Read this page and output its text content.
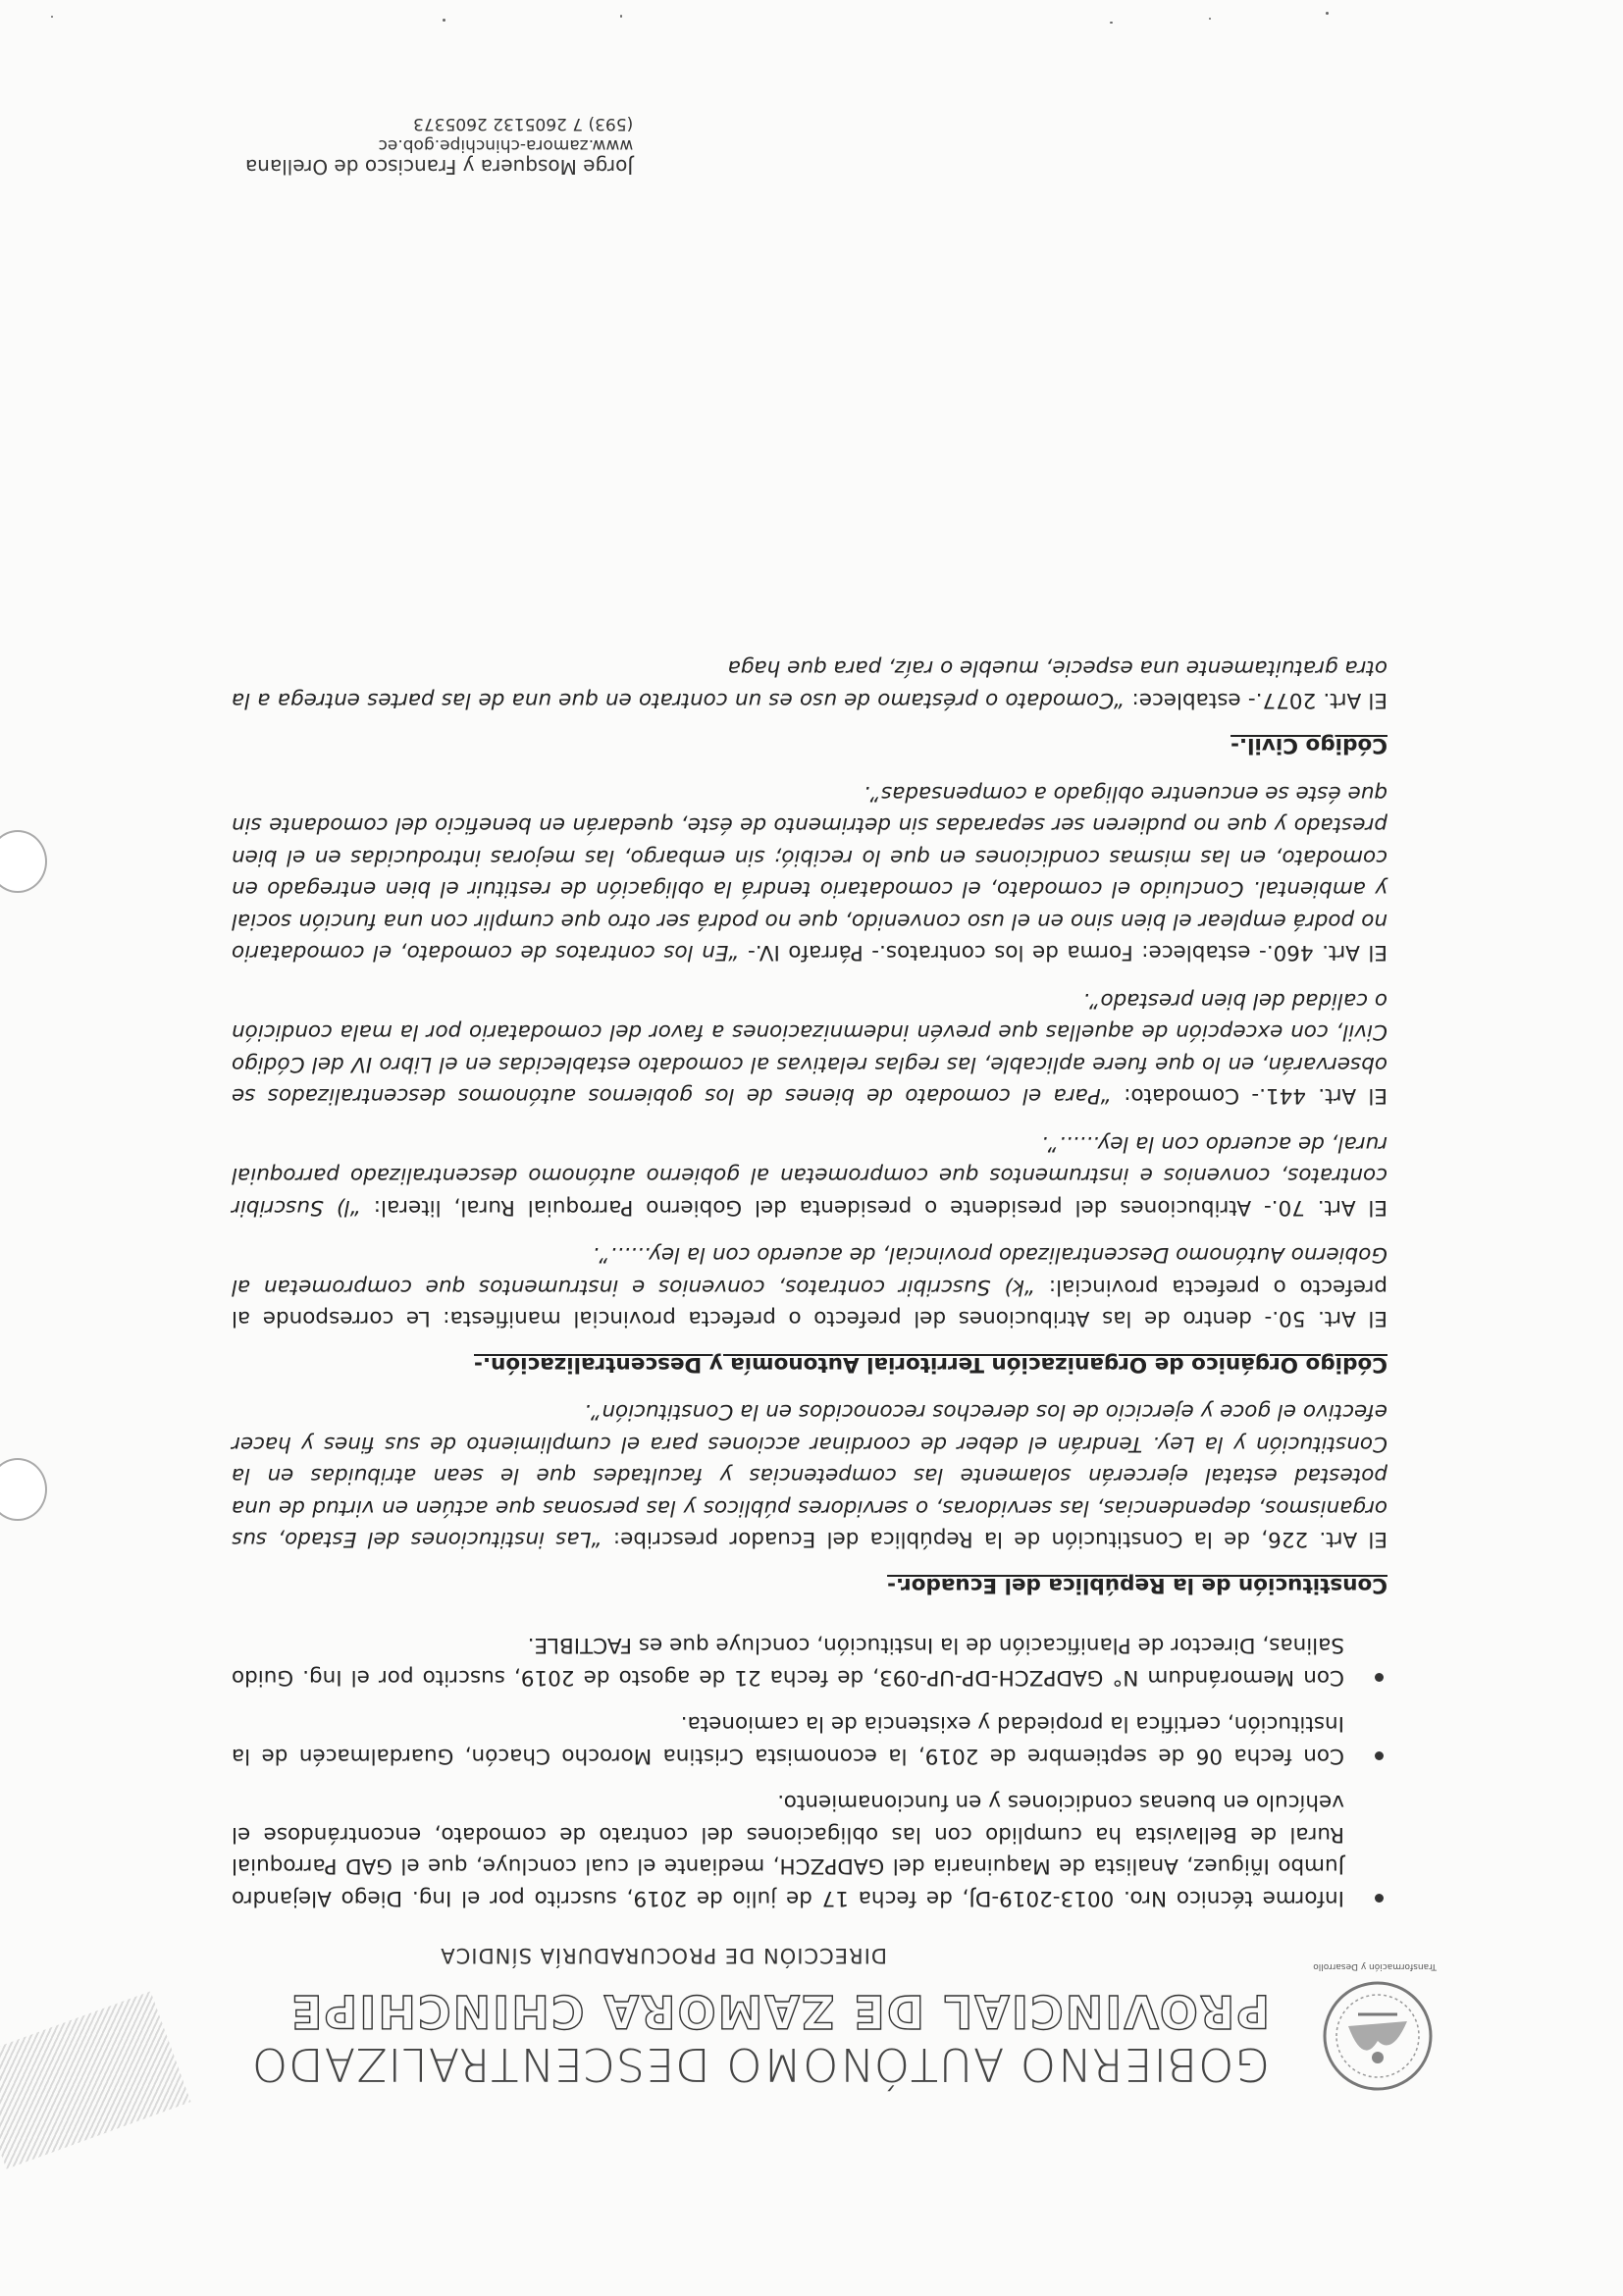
Transformación y Desarrollo
GOBIERNO AUTÓNOMO DESCENTRALIZADO
PROVINCIAL DE ZAMORA CHINCHIPE
DIRECCIÓN DE PROCURADURÍA SÍNDICA
Informe técnico Nro. 0013-2019-DJ, de fecha 17 de julio de 2019, suscrito por el Ing. Diego Alejandro Jumbo Iñiguez, Analista de Maquinaria del GADPZCH, mediante el cual concluye, que el GAD Parroquial Rural de Bellavista ha cumplido con las obligaciones del contrato de comodato, encontrándose el vehículo en buenas condiciones y en funcionamiento.
Con fecha 06 de septiembre de 2019, la economista Cristina Morocho Chacón, Guardalmacén de la Institución, certifica la propiedad y existencia de la camioneta.
Con Memorándum N° GADPZCH-DP-UP-093, de fecha 21 de agosto de 2019, suscrito por el Ing. Guido Salinas, Director de Planificación de la Institución, concluye que es FACTIBLE.
Constitución de la República del Ecuador.-

El Art. 226, de la Constitución de la República del Ecuador prescribe: “Las instituciones del Estado, sus organismos, dependencias, las servidoras, o servidores públicos y las personas que actúen en virtud de una potestad estatal ejercerán solamente las competencias y facultades que le sean atribuidas en la Constitución y la Ley. Tendrán el deber de coordinar acciones para el cumplimiento de sus fines y hacer efectivo el goce y ejercicio de los derechos reconocidos en la Constitución”.

Código Orgánico de Organización Territorial Autonomía y Descentralización.-

El Art. 50.- dentro de las Atribuciones del prefecto o prefecta provincial manifiesta: Le corresponde al prefecto o prefecta provincial: “k) Suscribir contratos, convenios e instrumentos que comprometan al Gobierno Autónomo Descentralizado provincial, de acuerdo con la ley......”.

El Art. 70.- Atribuciones del presidente o presidenta del Gobierno Parroquial Rural, literal: “l) Suscribir contratos, convenios e instrumentos que comprometan al gobierno autónomo descentralizado parroquial rural, de acuerdo con la ley......”.

El Art. 441.- Comodato: “Para el comodato de bienes de los gobiernos autónomos descentralizados se observarán, en lo que fuere aplicable, las reglas relativas al comodato establecidas en el Libro IV del Código Civil, con excepción de aquellas que prevén indemnizaciones a favor del comodatario por la mala condición o calidad del bien prestado”.

El Art. 460.- establece: Forma de los contratos.- Párrafo IV.- “En los contratos de comodato, el comodatario no podrá emplear el bien sino en el uso convenido, que no podrá ser otro que cumplir con una función social y ambiental. Concluido el comodato, el comodatario tendrá la obligación de restituir el bien entregado en comodato, en las mismas condiciones en que lo recibió; sin embargo, las mejoras introducidas en el bien prestado y que no pudieren ser separadas sin detrimento de éste, quedarán en beneficio del comodante sin que éste se encuentre obligado a compensadas”.

Código Civil.-

El Art. 2077.- establece: “Comodato o préstamo de uso es un contrato en que una de las partes entrega a la otra gratuitamente una especie, mueble o raíz, para que haga

Jorge Mosquera y Francisco de Orellana
www.zamora-chinchipe.gob.ec
(593) 7 2605132 2605373
